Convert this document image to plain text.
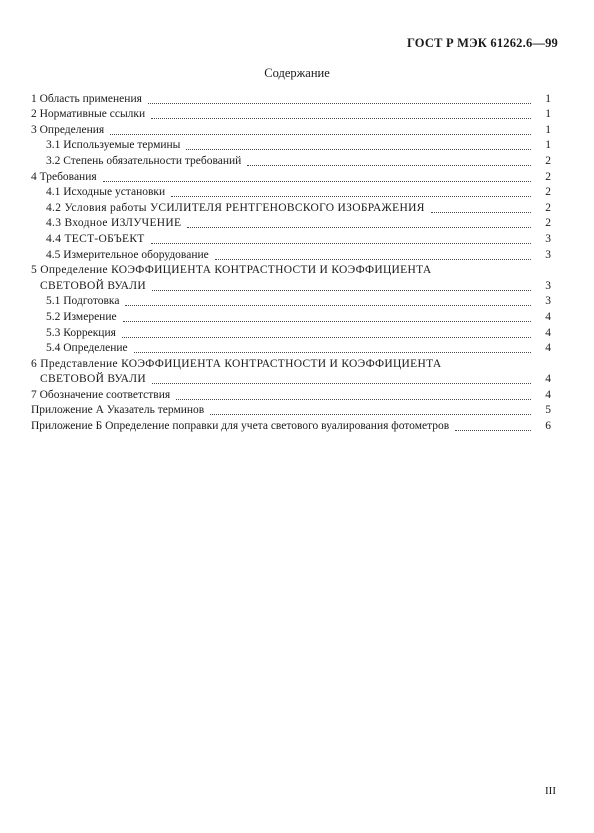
ГОСТ Р МЭК 61262.6—99
Содержание
1 Область применения	1
2 Нормативные ссылки	1
3 Определения	1
3.1 Используемые термины	1
3.2 Степень обязательности требований	2
4 Требования	2
4.1 Исходные установки	2
4.2 Условия работы УСИЛИТЕЛЯ РЕНТГЕНОВСКОГО ИЗОБРАЖЕНИЯ	2
4.3 Входное ИЗЛУЧЕНИЕ	2
4.4 ТЕСТ-ОБЪЕКТ	3
4.5 Измерительное оборудование	3
5 Определение КОЭФФИЦИЕНТА КОНТРАСТНОСТИ И КОЭФФИЦИЕНТА
СВЕТОВОЙ ВУАЛИ	3
5.1 Подготовка	3
5.2 Измерение	4
5.3 Коррекция	4
5.4 Определение	4
6 Представление КОЭФФИЦИЕНТА КОНТРАСТНОСТИ И КОЭФФИЦИЕНТА
СВЕТОВОЙ ВУАЛИ	4
7 Обозначение соответствия	4
Приложение А Указатель терминов	5
Приложение Б Определение поправки для учета светового вуалирования фотометров	6
III
